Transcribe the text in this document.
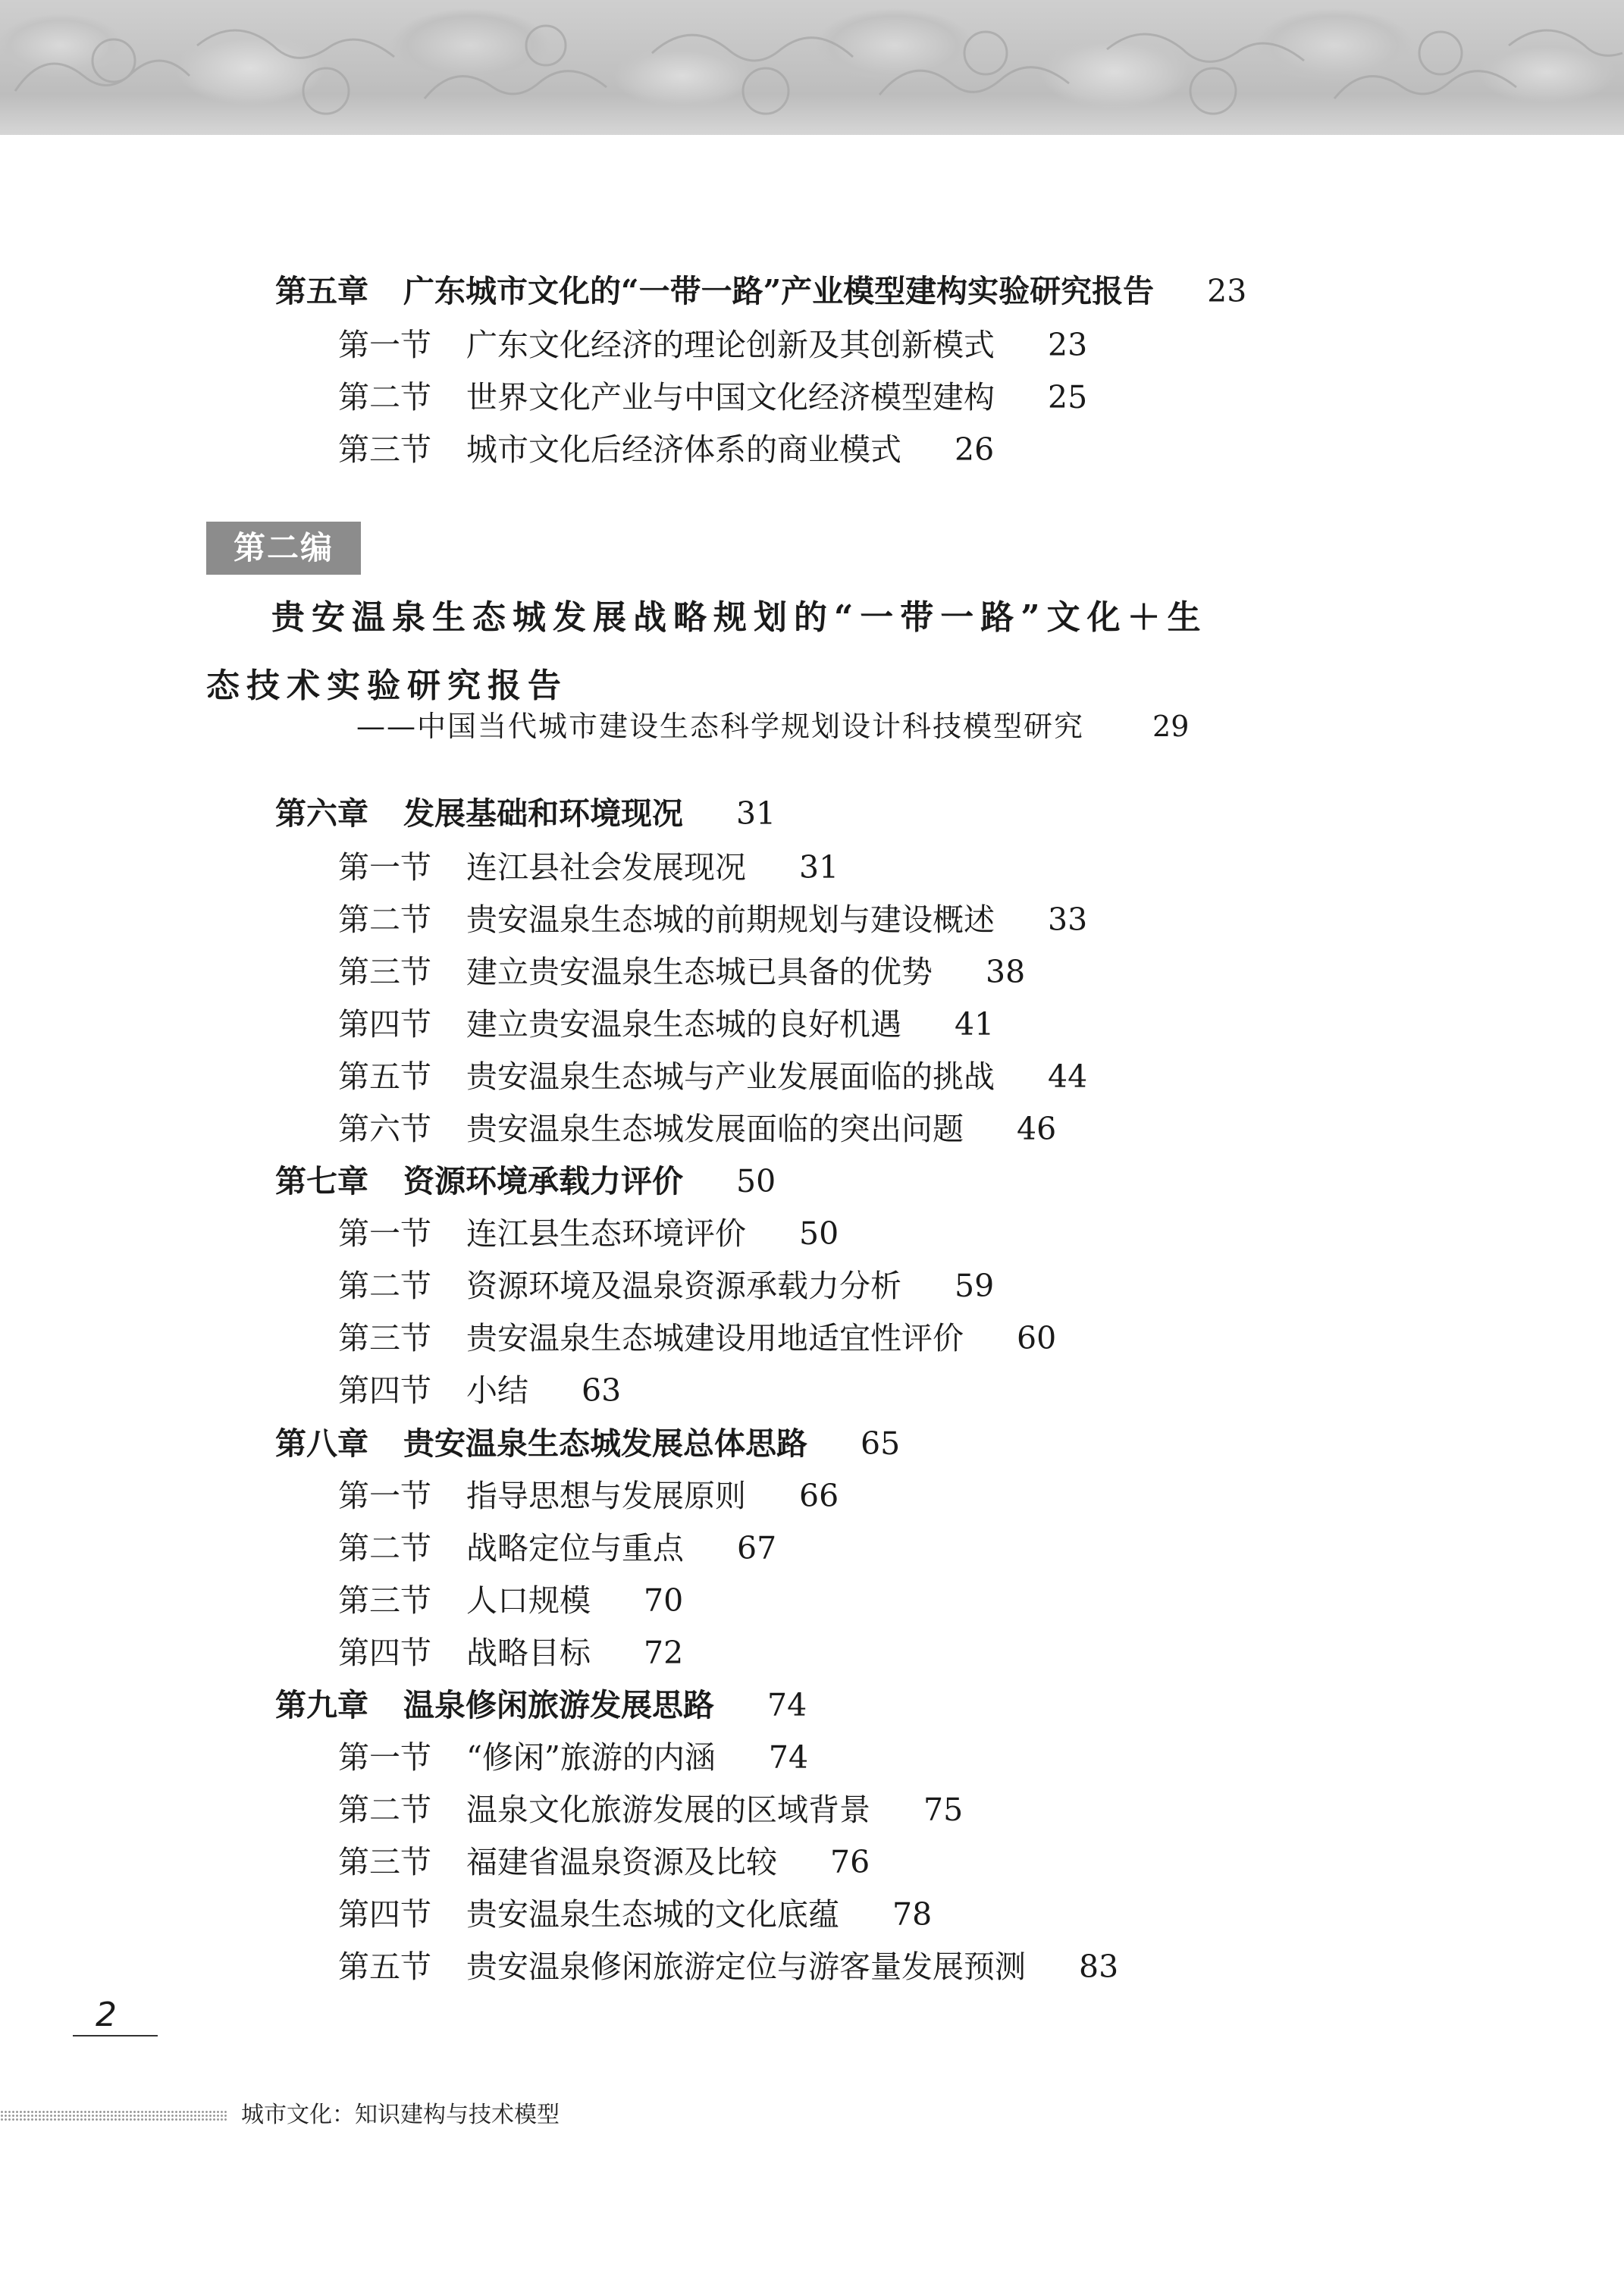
第五章 广东城市文化的“一带一路”产业模型建构实验研究报告 23
第一节 广东文化经济的理论创新及其创新模式 23
第二节 世界文化产业与中国文化经济模型建构 25
第三节 城市文化后经济体系的商业模式 26
第二编
贵安温泉生态城发展战略规划的“一带一路”文化＋生
态技术实验研究报告
——中国当代城市建设生态科学规划设计科技模型研究 29
第六章 发展基础和环境现况 31
第一节 连江县社会发展现况 31
第二节 贵安温泉生态城的前期规划与建设概述 33
第三节 建立贵安温泉生态城已具备的优势 38
第四节 建立贵安温泉生态城的良好机遇 41
第五节 贵安温泉生态城与产业发展面临的挑战 44
第六节 贵安温泉生态城发展面临的突出问题 46
第七章 资源环境承载力评价 50
第一节 连江县生态环境评价 50
第二节 资源环境及温泉资源承载力分析 59
第三节 贵安温泉生态城建设用地适宜性评价 60
第四节 小结 63
第八章 贵安温泉生态城发展总体思路 65
第一节 指导思想与发展原则 66
第二节 战略定位与重点 67
第三节 人口规模 70
第四节 战略目标 72
第九章 温泉修闲旅游发展思路 74
第一节 “修闲”旅游的内涵 74
第二节 温泉文化旅游发展的区域背景 75
第三节 福建省温泉资源及比较 76
第四节 贵安温泉生态城的文化底蕴 78
第五节 贵安温泉修闲旅游定位与游客量发展预测 83
2
城市文化：知识建构与技术模型
